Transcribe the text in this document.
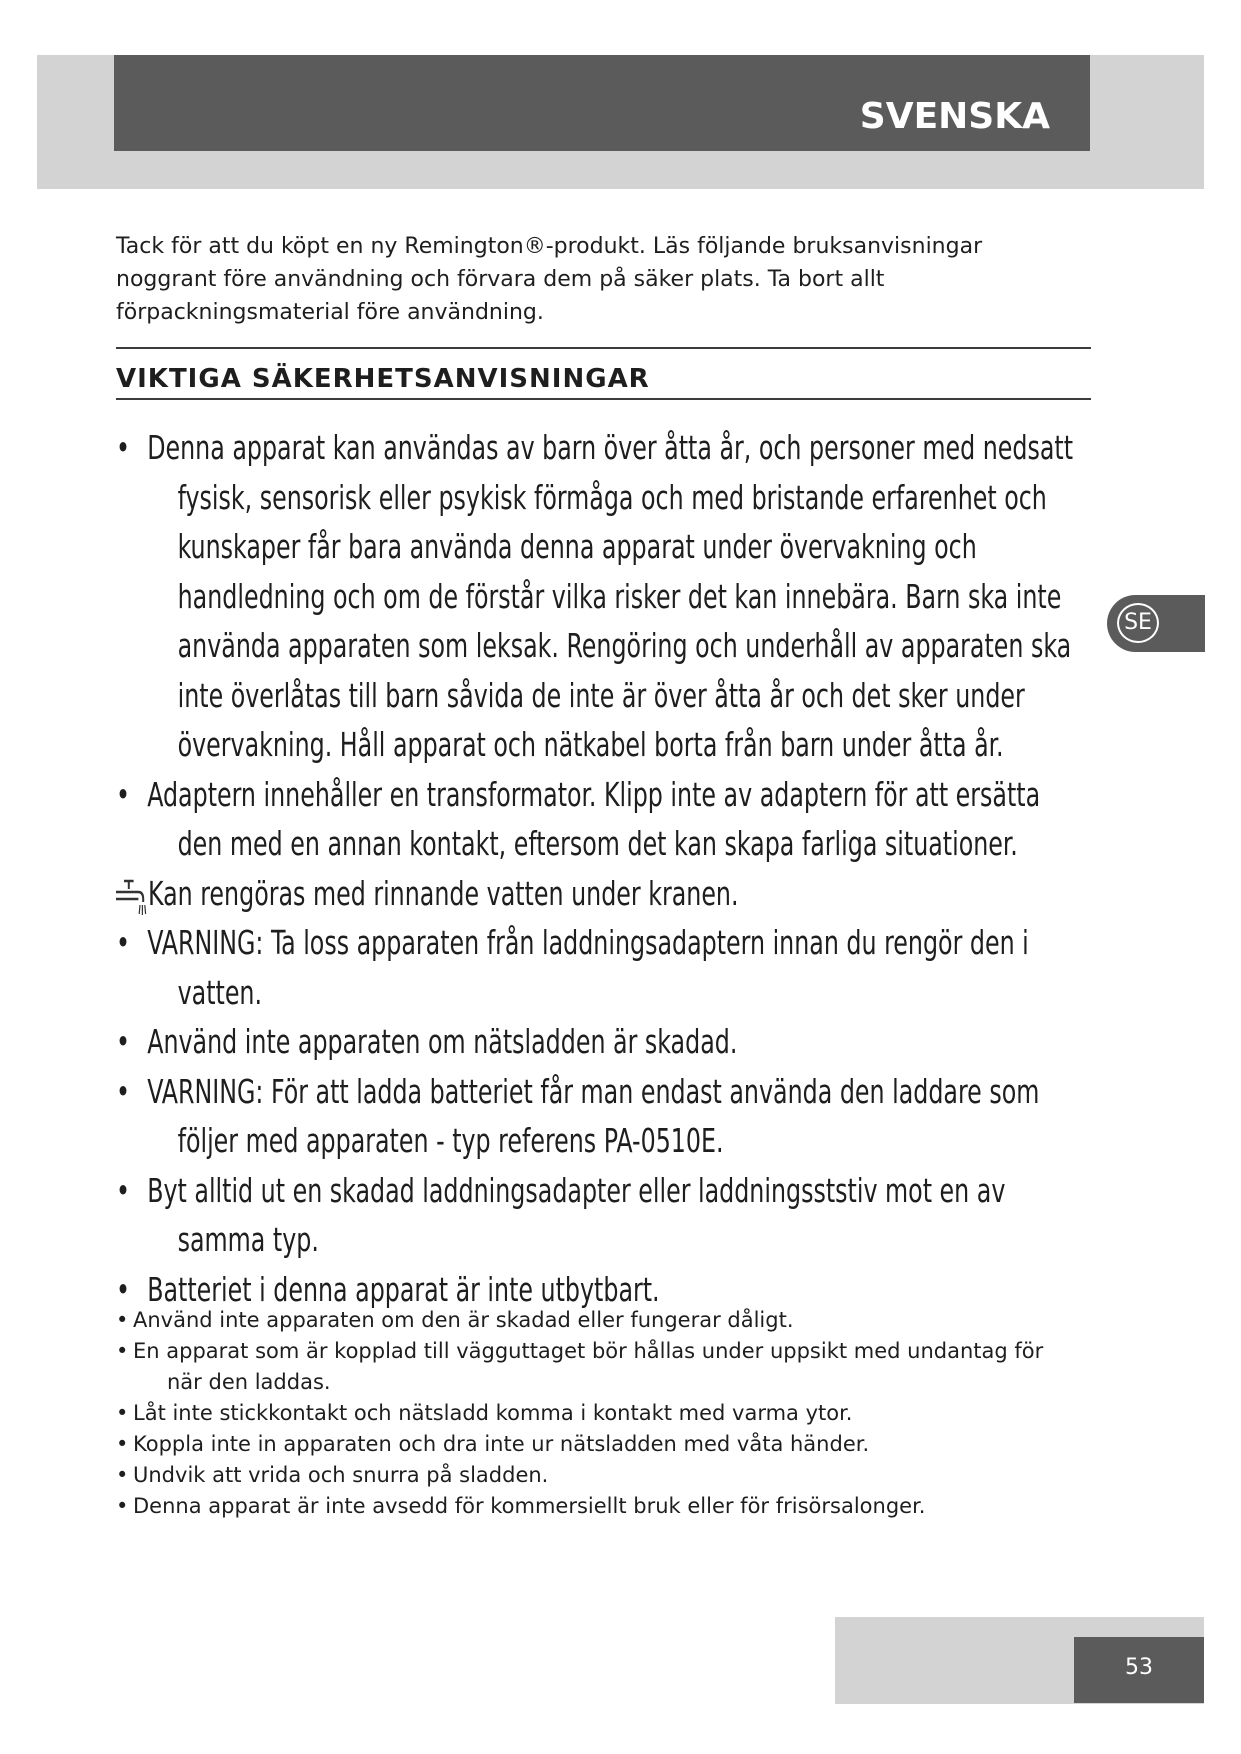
SVENSKA

Tack för att du köpt en ny Remington®-produkt. Läs följande bruksanvisningar noggrant före användning och förvara dem på säker plats. Ta bort allt förpackningsmaterial före användning.

VIKTIGA SÄKERHETSANVISNINGAR
• Denna apparat kan användas av barn över åtta år, och personer med nedsatt
fysisk, sensorisk eller psykisk förmåga och med bristande erfarenhet och kunskaper får bara använda denna apparat under övervakning och handledning och om de förstår vilka risker det kan innebära. Barn ska inte använda apparaten som leksak. Rengöring och underhåll av apparaten ska inte överlåtas till barn såvida de inte är över åtta år och det sker under övervakning. Håll apparat och nätkabel borta från barn under åtta år.
• Adaptern innehåller en transformator. Klipp inte av adaptern för att ersätta
den med en annan kontakt, eftersom det kan skapa farliga situationer.
Kan rengöras med rinnande vatten under kranen.
• VARNING: Ta loss apparaten från laddningsadaptern innan du rengör den i
vatten.
• Använd inte apparaten om nätsladden är skadad.
• VARNING: För att ladda batteriet får man endast använda den laddare som
följer med apparaten - typ referens PA-0510E.
• Byt alltid ut en skadad laddningsadapter eller laddningsststiv mot en av
samma typ.
• Batteriet i denna apparat är inte utbytbart.
• Använd inte apparaten om den är skadad eller fungerar dåligt.
• En apparat som är kopplad till vägguttaget bör hållas under uppsikt med undantag för
när den laddas.
• Låt inte stickkontakt och nätsladd komma i kontakt med varma ytor.
• Koppla inte in apparaten och dra inte ur nätsladden med våta händer.
• Undvik att vrida och snurra på sladden.
• Denna apparat är inte avsedd för kommersiellt bruk eller för frisörsalonger.
SE
53
